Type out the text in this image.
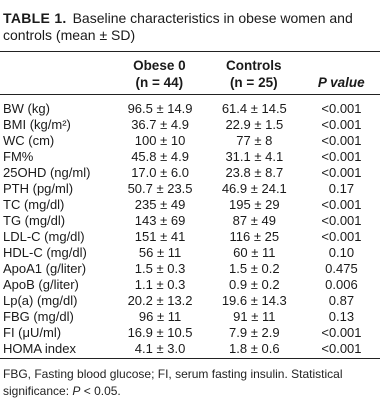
TABLE 1. Baseline characteristics in obese women and controls (mean ± SD)
	Obese 0	Controls	
	(n = 44)	(n = 25)	P value
BW (kg)	96.5 ± 14.9	61.4 ± 14.5	<0.001
BMI (kg/m²)	36.7 ± 4.9	22.9 ± 1.5	<0.001
WC (cm)	100 ± 10	77 ± 8	<0.001
FM%	45.8 ± 4.9	31.1 ± 4.1	<0.001
25OHD (ng/ml)	17.0 ± 6.0	23.8 ± 8.7	<0.001
PTH (pg/ml)	50.7 ± 23.5	46.9 ± 24.1	0.17
TC (mg/dl)	235 ± 49	195 ± 29	<0.001
TG (mg/dl)	143 ± 69	87 ± 49	<0.001
LDL-C (mg/dl)	151 ± 41	116 ± 25	<0.001
HDL-C (mg/dl)	56 ± 11	60 ± 11	0.10
ApoA1 (g/liter)	1.5 ± 0.3	1.5 ± 0.2	0.475
ApoB (g/liter)	1.1 ± 0.3	0.9 ± 0.2	0.006
Lp(a) (mg/dl)	20.2 ± 13.2	19.6 ± 14.3	0.87
FBG (mg/dl)	96 ± 11	91 ± 11	0.13
FI (μU/ml)	16.9 ± 10.5	7.9 ± 2.9	<0.001
HOMA index	4.1 ± 3.0	1.8 ± 0.6	<0.001
FBG, Fasting blood glucose; FI, serum fasting insulin. Statistical significance: P < 0.05.
